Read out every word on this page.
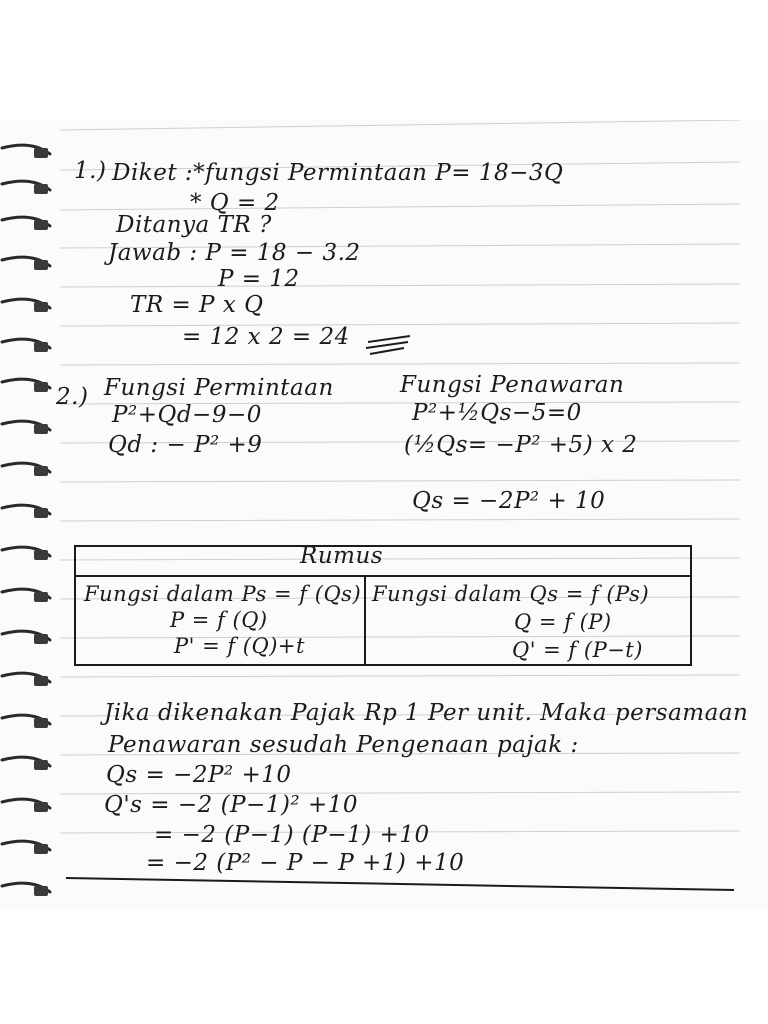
1.) Diket :*fungsi Permintaan P= 18−3Q
* Q = 2
Ditanya TR ?
Jawab : P = 18 − 3.2
P = 12
TR = P x Q
= 12 x 2 = 24
2.) Fungsi Permintaan
P²+Qd−9−0
Qd : − P² +9
Fungsi Penawaran
P²+½Qs−5=0
(½Qs= −P² +5) x 2
Qs = −2P² + 10
Rumus
Fungsi dalam Ps = f (Qs)
P = f (Q)
P' = f (Q)+t
Fungsi dalam Qs = f (Ps)
Q = f (P)
Q' = f (P−t)
Jika dikenakan Pajak Rp 1 Per unit. Maka persamaan
Penawaran sesudah Pengenaan pajak :
Qs = −2P² +10
Q's = −2 (P−1)² +10
= −2 (P−1) (P−1) +10
= −2 (P² − P − P +1) +10
